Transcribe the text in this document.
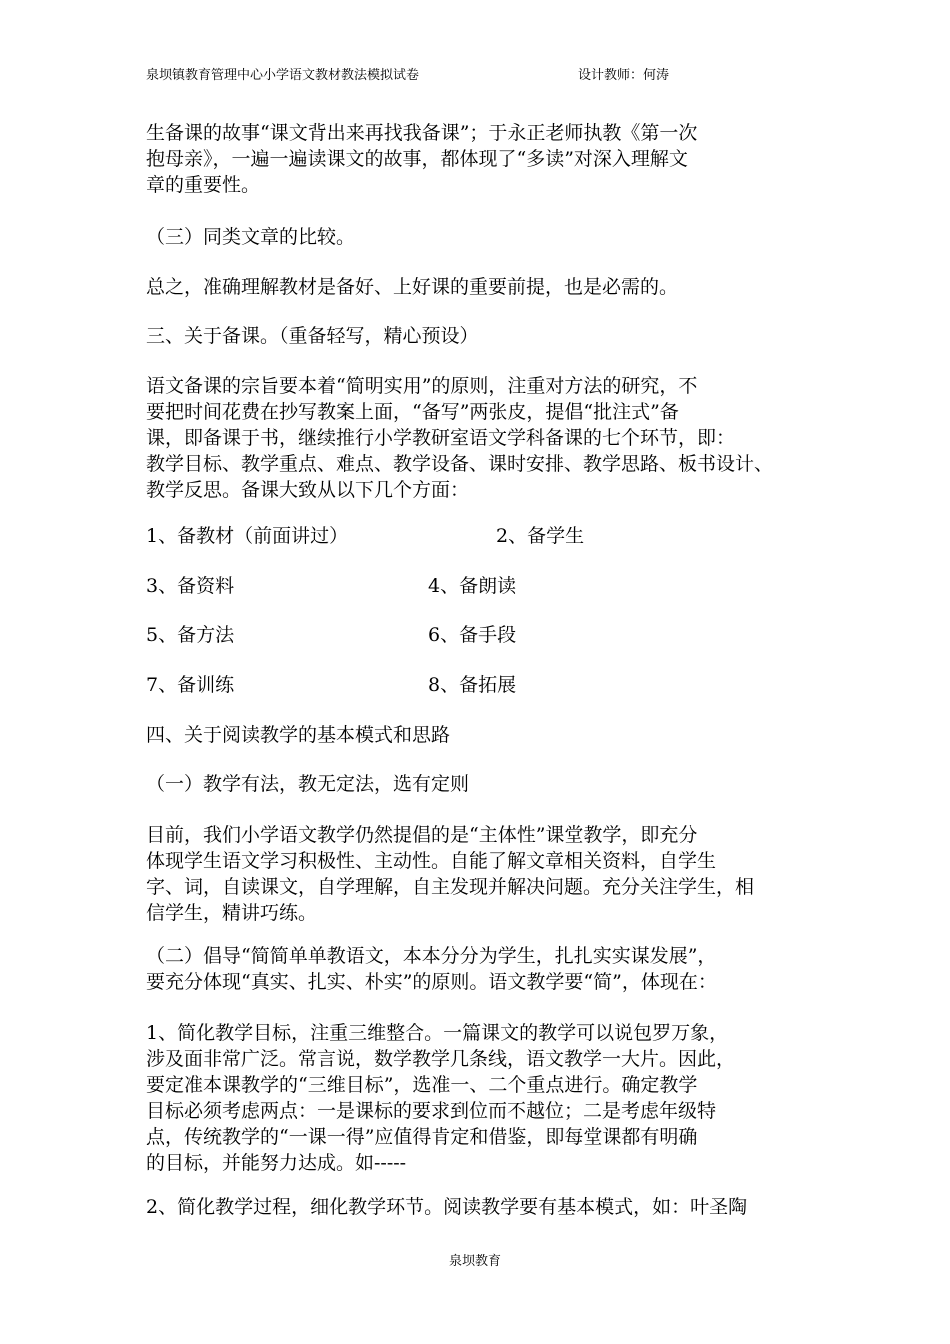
泉坝镇教育管理中心小学语文教材教法模拟试卷	设计教师：何涛
生备课的故事“课文背出来再找我备课”；于永正老师执教《第一次
抱母亲》，一遍一遍读课文的故事，都体现了“多读”对深入理解文
章的重要性。
（三）同类文章的比较。
总之，准确理解教材是备好、上好课的重要前提，也是必需的。
三、关于备课。（重备轻写，精心预设）
语文备课的宗旨要本着“简明实用”的原则，注重对方法的研究，不
要把时间花费在抄写教案上面，“备写”两张皮，提倡“批注式”备
课，即备课于书，继续推行小学教研室语文学科备课的七个环节，即：
教学目标、教学重点、难点、教学设备、课时安排、教学思路、板书设计、
教学反思。备课大致从以下几个方面：
1、备教材（前面讲过）	2、备学生
3、备资料	4、备朗读
5、备方法	6、备手段
7、备训练	8、备拓展
四、关于阅读教学的基本模式和思路
（一）教学有法，教无定法，选有定则
目前，我们小学语文教学仍然提倡的是“主体性”课堂教学，即充分
体现学生语文学习积极性、主动性。自能了解文章相关资料，自学生
字、词，自读课文，自学理解，自主发现并解决问题。充分关注学生，相
信学生，精讲巧练。
（二）倡导“简简单单教语文，本本分分为学生，扎扎实实谋发展”，
要充分体现“真实、扎实、朴实”的原则。语文教学要“简”，体现在：
1、简化教学目标，注重三维整合。一篇课文的教学可以说包罗万象，
涉及面非常广泛。常言说，数学教学几条线，语文教学一大片。因此，
要定准本课教学的“三维目标”，选准一、二个重点进行。确定教学
目标必须考虑两点：一是课标的要求到位而不越位；二是考虑年级特
点，传统教学的“一课一得”应值得肯定和借鉴，即每堂课都有明确
的目标，并能努力达成。如-----
2、简化教学过程，细化教学环节。阅读教学要有基本模式，如：叶圣陶
泉坝教育
